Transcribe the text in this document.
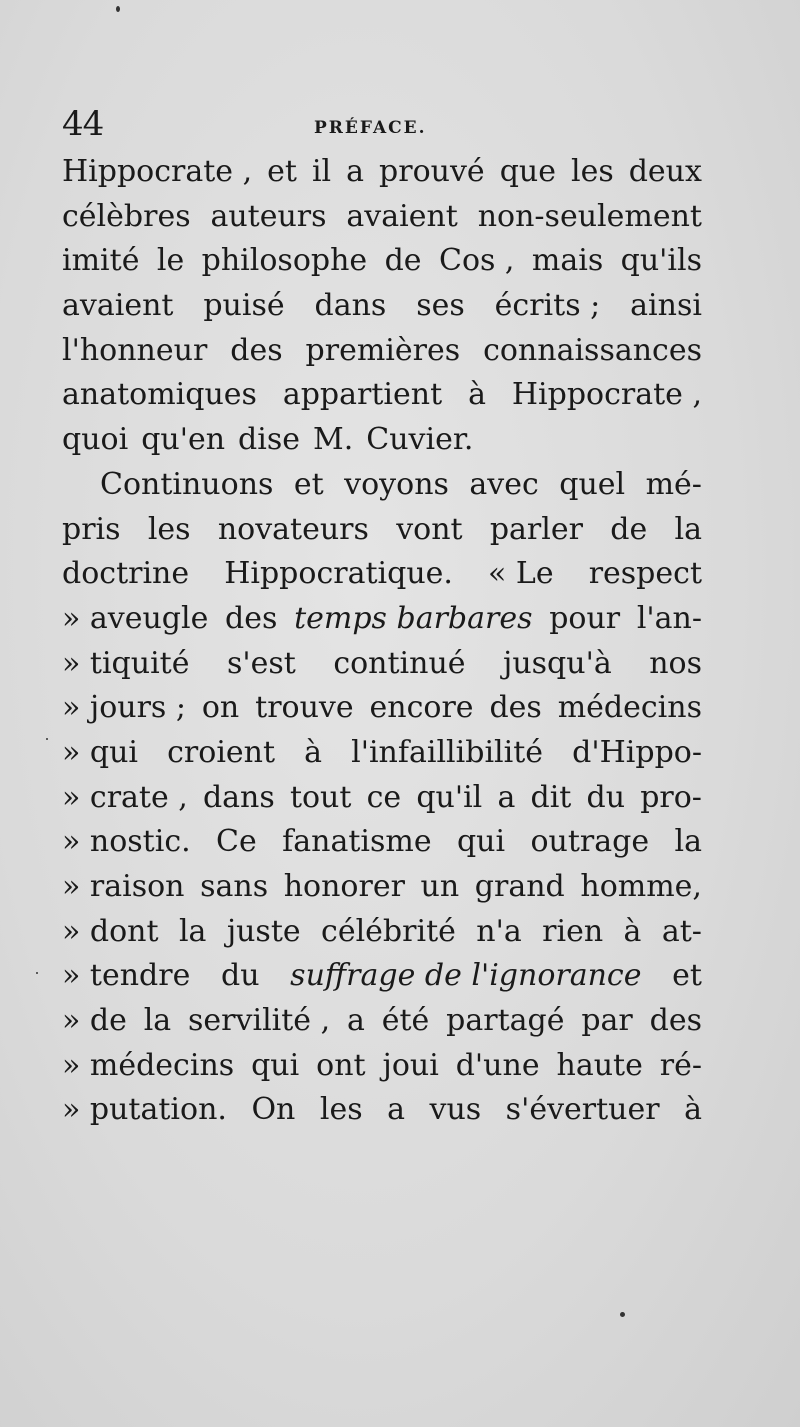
44	PRÉFACE.
Hippocrate , et il a prouvé que les deux
célèbres auteurs avaient non-seulement
imité le philosophe de Cos , mais qu'ils
avaient puisé dans ses écrits ; ainsi
l'honneur des premières connaissances
anatomiques appartient à Hippocrate ,
quoi qu'en dise M. Cuvier.
Continuons et voyons avec quel mé-
pris les novateurs vont parler de la
doctrine Hippocratique. « Le respect
» aveugle des temps barbares pour l'an-
» tiquité s'est continué jusqu'à nos
» jours ; on trouve encore des médecins
» qui croient à l'infaillibilité d'Hippo-
» crate , dans tout ce qu'il a dit du pro-
» nostic. Ce fanatisme qui outrage la
» raison sans honorer un grand homme,
» dont la juste célébrité n'a rien à at-
» tendre du suffrage de l'ignorance et
» de la servilité , a été partagé par des
» médecins qui ont joui d'une haute ré-
» putation. On les a vus s'évertuer à
